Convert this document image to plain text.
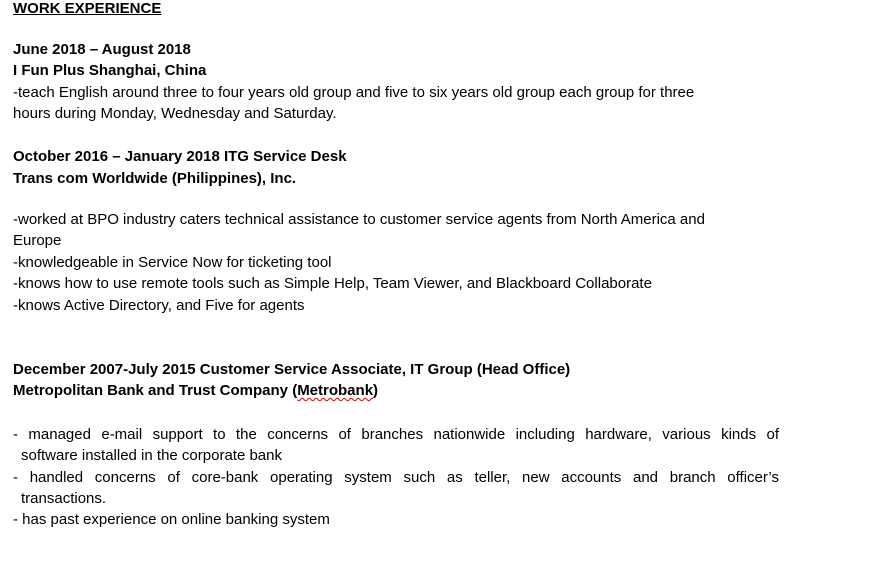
WORK EXPERIENCE
June 2018 – August 2018
I Fun Plus Shanghai, China
-teach English around three to four years old group and five to six years old group each group for three
hours during Monday, Wednesday and Saturday.
October 2016 – January 2018 ITG Service Desk
Trans com Worldwide (Philippines), Inc.
-worked at BPO industry caters technical assistance to customer service agents from North America and
Europe
-knowledgeable in Service Now for ticketing tool
-knows how to use remote tools such as Simple Help, Team Viewer, and Blackboard Collaborate
-knows Active Directory, and Five for agents
December 2007-July 2015 Customer Service Associate, IT Group (Head Office)
Metropolitan Bank and Trust Company (Metrobank)
- managed e-mail support to the concerns of branches nationwide including hardware, various kinds of
software installed in the corporate bank
- handled concerns of core-bank operating system such as teller, new accounts and branch officer’s
transactions.
- has past experience on online banking system
